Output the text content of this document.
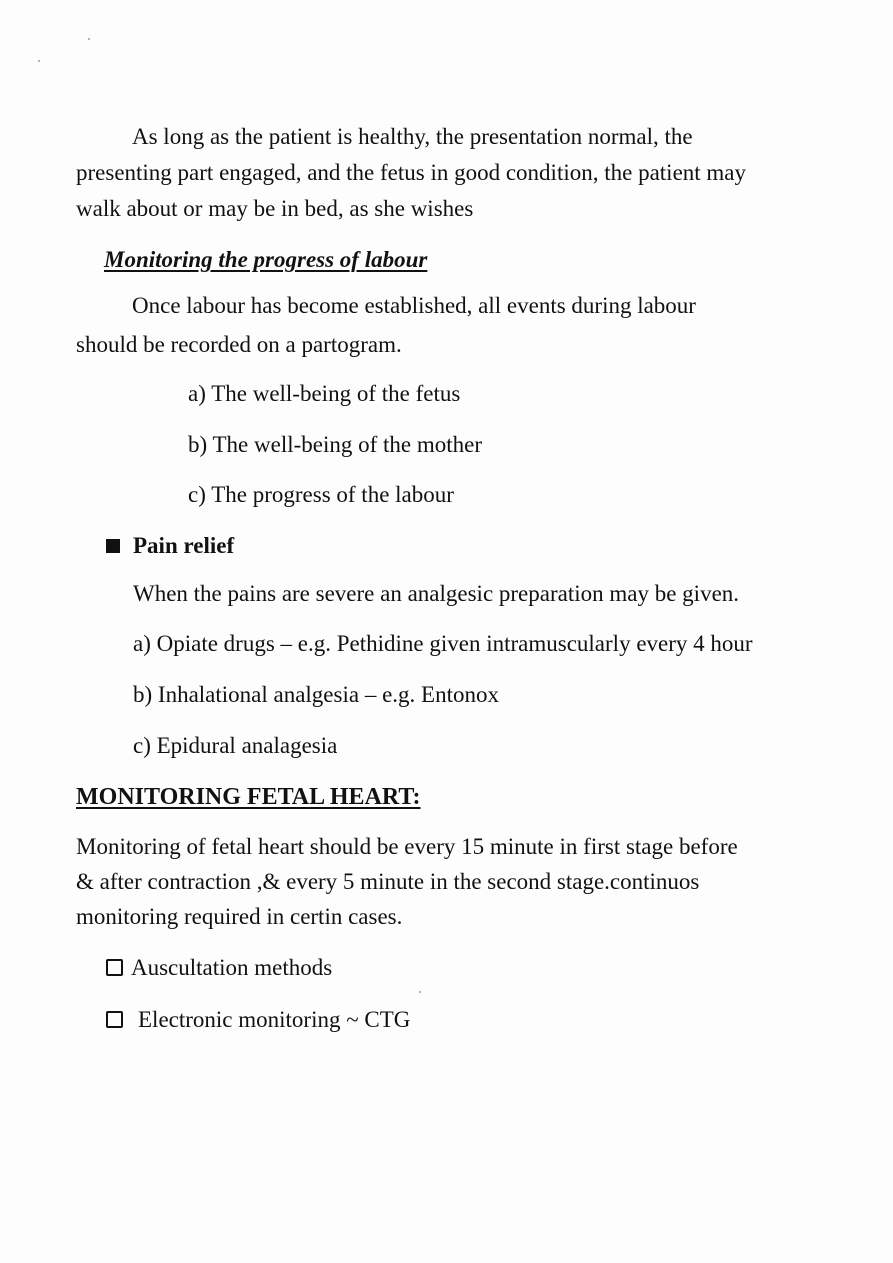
As long as the patient is healthy, the presentation normal, the

presenting part engaged, and the fetus in good condition, the patient may

walk about or may be in bed, as she wishes

Monitoring the progress of labour

Once labour has become established, all events during labour

should be recorded on a partogram.

a) The well-being of the fetus

b) The well-being of the mother

c) The progress of the labour

Pain relief

When the pains are severe an analgesic preparation may be given.

a) Opiate drugs – e.g. Pethidine given intramuscularly every 4 hour

b) Inhalational analgesia – e.g. Entonox

c) Epidural analagesia

MONITORING FETAL HEART:

Monitoring of fetal heart should be every 15 minute in first stage before

& after contraction ,& every 5 minute in the second stage.continuos

monitoring required in certin cases.

Auscultation methods

Electronic monitoring ~ CTG
